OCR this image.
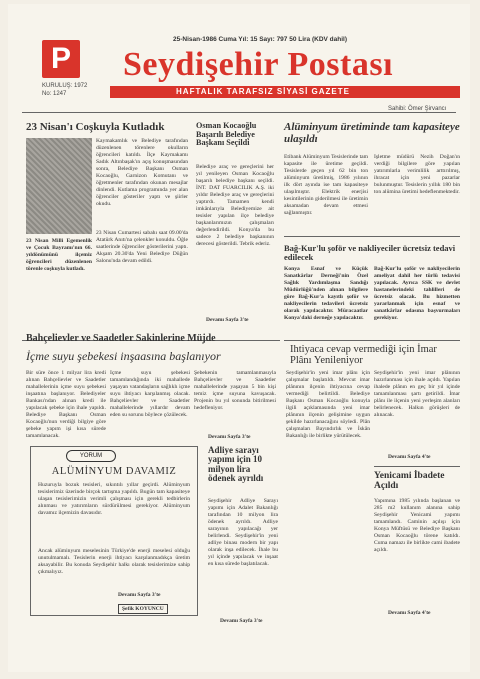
P
KURULUŞ: 1972
No: 1247
25-Nisan-1986 Cuma Yıl: 15 Sayı: 797 50 Lira (KDV dahil)
Seydişehir Postası
HAFTALIK TARAFSIZ SİYASİ GAZETE
Sahibi: Ömer Şirvancı
23 Nisan'ı Coşkuyla Kutladık
Kaymakamlık ve Belediye tarafından düzenlenen törenlere okulların öğrencileri katıldı. İlçe Kaymakamı Sadık Altınbaşak'ın açış konuşmasından sonra, Belediye Başkanı Osman Kocaoğlu, Garnizon Komutanı ve öğretmenler tarafından okunan mesajlar dinlendi. Kutlama programında yer alan öğrenciler gösteriler yaptı ve şiirler okudu.
23 Nisan Milli Egemenlik ve Çocuk Bayramı'nın 66. yıldönümünü ilçemiz öğrencileri düzenlenen törenle coşkuyla kutladı.
23 Nisan Cumartesi sabahı saat 09.00'da Atatürk Anıtı'na çelenkler konuldu. Öğle saatlerinde öğrenciler gösterilerini yaptı. Akşam 20.30'da Yeni Belediye Düğün Salonu'nda devam edildi.
Osman Kocaoğlu Başarılı Belediye Başkanı Seçildi
Belediye araç ve gereçlerini her yıl yenileyen Osman Kocaoğlu başarılı belediye başkanı seçildi. İNT. DAT FUARCILIK A.Ş. iki yıldır Belediye araç ve gereçlerini yaptırdı. Tamamen kendi imkânlarıyla Belediyemize ait tesisler yapılan ilçe belediye başkanlarımızın çalışmaları değerlendirildi. Konya'da bu sadece 2 belediye başkanının derecesi gösterildi. Tebrik ederiz.
Devamı Sayfa 3'te
Alüminyum üretiminde tam kapasiteye ulaşıldı
Etibank Alüminyum Tesislerinde tam kapasite ile üretime geçildi. Tesislerde geçen yıl 62 bin ton alüminyum üretilmiş, 1986 yılının ilk dört ayında ise tam kapasiteye ulaşılmıştır. Elektrik enerjisi kesintilerinin giderilmesi ile üretimin aksamadan devam etmesi sağlanmıştır.
İşletme müdürü Nezih Doğan'ın verdiği bilgilere göre yapılan yatırımlarla verimlilik arttırılmış, ihracat için yeni pazarlar bulunmuştur. Tesislerin yıllık 180 bin ton alümina üretimi hedeflenmektedir.
Bağ-Kur'lu şoför ve nakliyeciler ücretsiz tedavi edilecek
Konya Esnaf ve Küçük Sanatkârlar Derneği'nin Özel Sağlık Yardımlaşma Sandığı Müdürlüğü'nden alınan bilgilere göre Bağ-Kur'a kayıtlı şoför ve nakliyecilerin tedavileri ücretsiz olarak yapılacaktır. Müracaatlar Konya'daki derneğe yapılacaktır.
Bağ-Kur'lu şoför ve nakliyecilerin ameliyat dahil her türlü tedavisi yapılacak. Ayrıca SSK ve devlet hastanelerindeki tahlilleri de ücretsiz olacak. Bu hizmetten yararlanmak için esnaf ve sanatkârlar odasına başvurmaları gerekiyor.
Bahçelievler ve Saadetler Sakinlerine Müjde
İçme suyu şebekesi inşaasına başlanıyor
Bir süre önce 1 milyar lira kredi alınan Bahçelievler ve Saadetler mahallelerinin içme suyu şebekesi inşaatına başlanıyor. Belediyeler Bankası'ndan alınan kredi ile yapılacak şebeke için ihale yapıldı. Belediye Başkanı Osman Kocaoğlu'nun verdiği bilgiye göre şebeke yapım işi kısa sürede tamamlanacak.
İçme suyu şebekesi tamamlandığında iki mahallede yaşayan vatandaşların sağlıklı içme suyu ihtiyacı karşılanmış olacak. Bahçelievler ve Saadetler mahallelerinde yıllardır devam eden su sorunu böylece çözülecek.
Şebekenin tamamlanmasıyla Bahçelievler ve Saadetler mahallelerinde yaşayan 5 bin kişi temiz içme suyuna kavuşacak. Projenin bu yıl sonunda bitirilmesi hedefleniyor.
Devamı Sayfa 3'te
YORUM
ALÜMİNYUM DAVAMIZ
Huzuruyla bozuk tesisleri, sıkıntılı yıllar geçirdi. Alüminyum tesislerimiz üzerinde birçok tartışma yapıldı. Bugün tam kapasiteye ulaşan tesislerimizin verimli çalışması için gerekli tedbirlerin alınması ve yatırımların sürdürülmesi gerekiyor. Alüminyum davamız ilçemizin davasıdır.
Ancak alüminyum meselesinin Türkiye'de enerji meselesi olduğu unutulmamalı. Tesislerin enerji ihtiyacı karşılanmadıkça üretim aksayabilir. Bu konuda Seydişehir halkı olarak tesislerimize sahip çıkmalıyız.
Devamı Sayfa 3'te
Şefik KOYUNCU
Adliye sarayı yapımı için 10 milyon lira ödenek ayrıldı
Seydişehir Adliye Sarayı yapımı için Adalet Bakanlığı tarafından 10 milyon lira ödenek ayrıldı. Adliye sarayının yapılacağı yer belirlendi. Seydişehir'in yeni adliye binası modern bir yapı olarak inşa edilecek. İhale bu yıl içinde yapılacak ve inşaat en kısa sürede başlatılacak.
Devamı Sayfa 3'te
Ihtiyaca cevap vermediği için İmar Plânı Yenileniyor
Seydişehir'in yeni imar plânı için çalışmalar başlatıldı. Mevcut imar plânının ilçenin ihtiyacına cevap vermediği belirtildi. Belediye Başkanı Osman Kocaoğlu konuyla ilgili açıklamasında yeni imar plânının ilçenin gelişimine uygun şekilde hazırlanacağını söyledi. Plân çalışmaları Bayındırlık ve İskân Bakanlığı ile birlikte yürütülecek.
Seydişehir'in yeni imar plânının hazırlanması için ihale açıldı. Yapılan ihalede plânın en geç bir yıl içinde tamamlanması şartı getirildi. İmar plânı ile ilçenin yeni yerleşim alanları belirlenecek. Halkın görüşleri de alınacak.
Devamı Sayfa 4'te
Yenicami İbadete Açıldı
Yapımına 1985 yılında başlanan ve 285 m2 kullanım alanına sahip Seydişehir Yenicami yapımı tamamlandı. Caminin açılışı için Konya Müftüsü ve Belediye Başkanı Osman Kocaoğlu törene katıldı. Cuma namazı ile birlikte cami ibadete açıldı.
Devamı Sayfa 4'te
